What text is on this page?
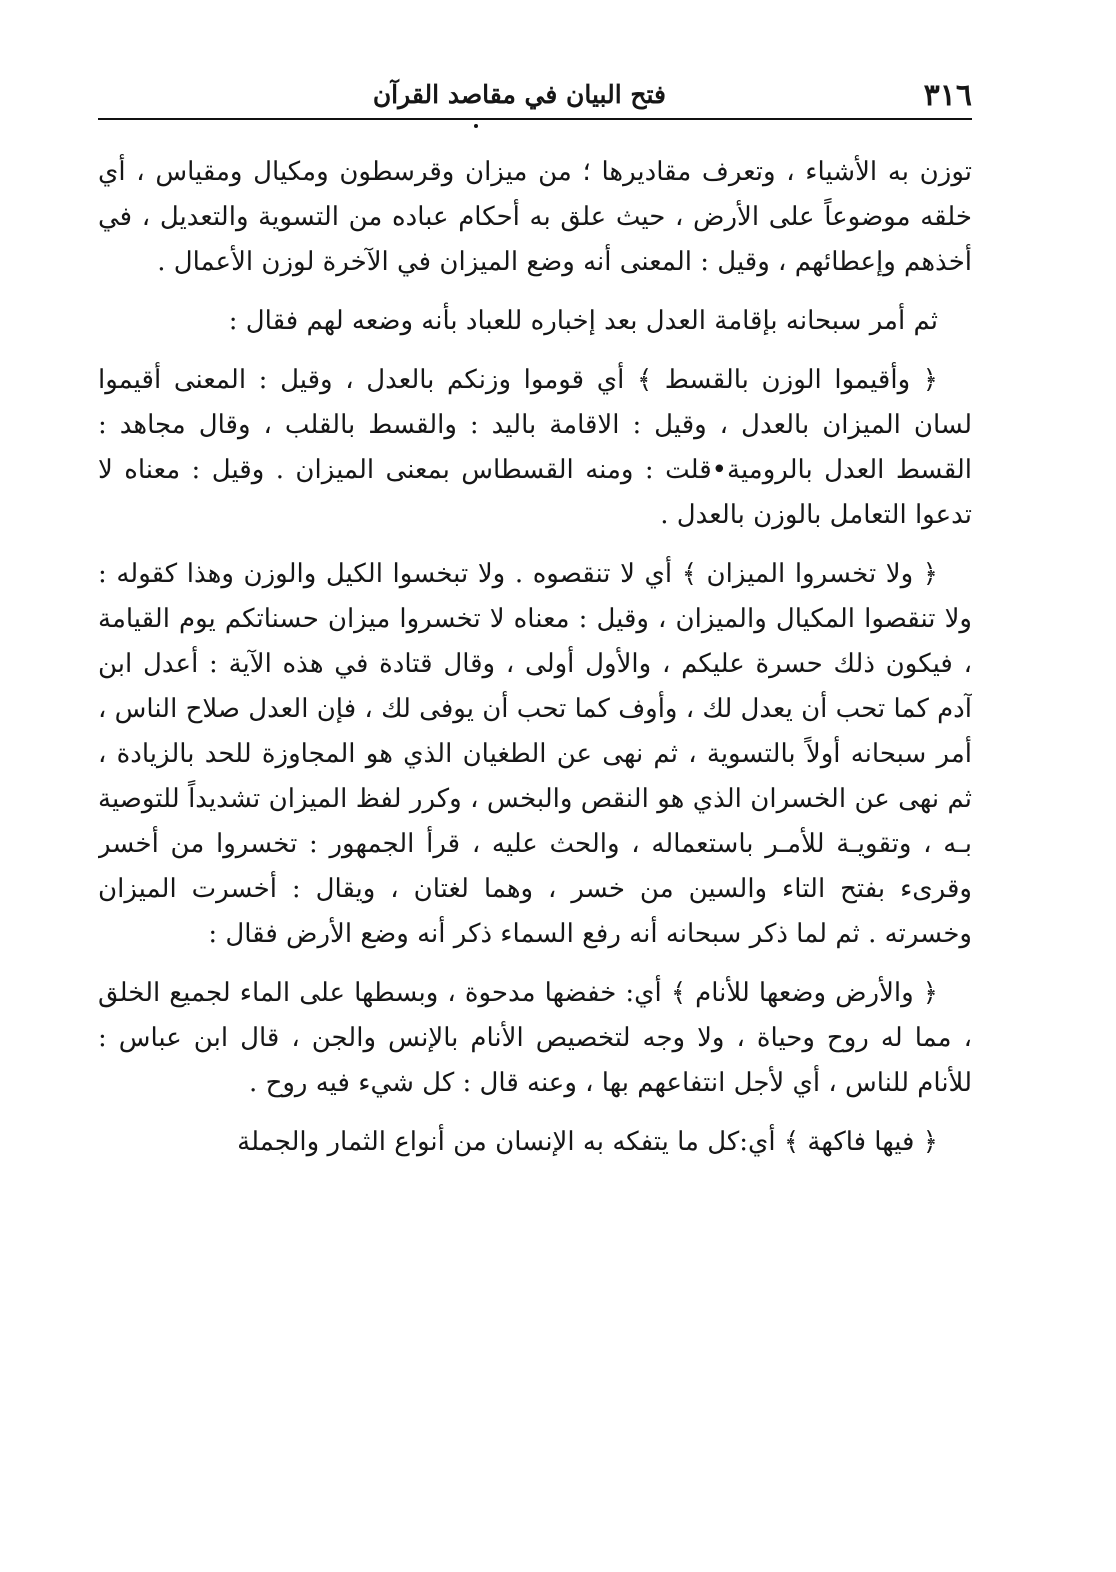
٣١٦
فتح البيان في مقاصد القرآن

توزن به الأشياء ، وتعرف مقاديرها ؛ من ميزان وقرسطون ومكيال ومقياس ، أي خلقه موضوعاً على الأرض ، حيث علق به أحكام عباده من التسوية والتعديل ، في أخذهم وإعطائهم ، وقيل : المعنى أنه وضع الميزان في الآخرة لوزن الأعمال .

ثم أمر سبحانه بإقامة العدل بعد إخباره للعباد بأنه وضعه لهم فقال :

﴿ وأقيموا الوزن بالقسط ﴾ أي قوموا وزنكم بالعدل ، وقيل : المعنى أقيموا لسان الميزان بالعدل ، وقيل : الاقامة باليد : والقسط بالقلب ، وقال مجاهد : القسط العدل بالرومية•قلت : ومنه القسطاس بمعنى الميزان . وقيل : معناه لا تدعوا التعامل بالوزن بالعدل .

﴿ ولا تخسروا الميزان ﴾ أي لا تنقصوه . ولا تبخسوا الكيل والوزن وهذا كقوله : ولا تنقصوا المكيال والميزان ، وقيل : معناه لا تخسروا ميزان حسناتكم يوم القيامة ، فيكون ذلك حسرة عليكم ، والأول أولى ، وقال قتادة في هذه الآية : أعدل ابن آدم كما تحب أن يعدل لك ، وأوف كما تحب أن يوفى لك ، فإن العدل صلاح الناس ، أمر سبحانه أولاً بالتسوية ، ثم نهى عن الطغيان الذي هو المجاوزة للحد بالزيادة ، ثم نهى عن الخسران الذي هو النقص والبخس ، وكرر لفظ الميزان تشديداً للتوصية بـه ، وتقويـة للأمـر باستعماله ، والحث عليه ، قرأ الجمهور : تخسروا من أخسر وقرىء بفتح التاء والسين من خسر ، وهما لغتان ، ويقال : أخسرت الميزان وخسرته . ثم لما ذكر سبحانه أنه رفع السماء ذكر أنه وضع الأرض فقال :

﴿ والأرض وضعها للأنام ﴾ أي: خفضها مدحوة ، وبسطها على الماء لجميع الخلق ، مما له روح وحياة ، ولا وجه لتخصيص الأنام بالإنس والجن ، قال ابن عباس : للأنام للناس ، أي لأجل انتفاعهم بها ، وعنه قال : كل شيء فيه روح .

﴿ فيها فاكهة ﴾ أي:كل ما يتفكه به الإنسان من أنواع الثمار والجملة
